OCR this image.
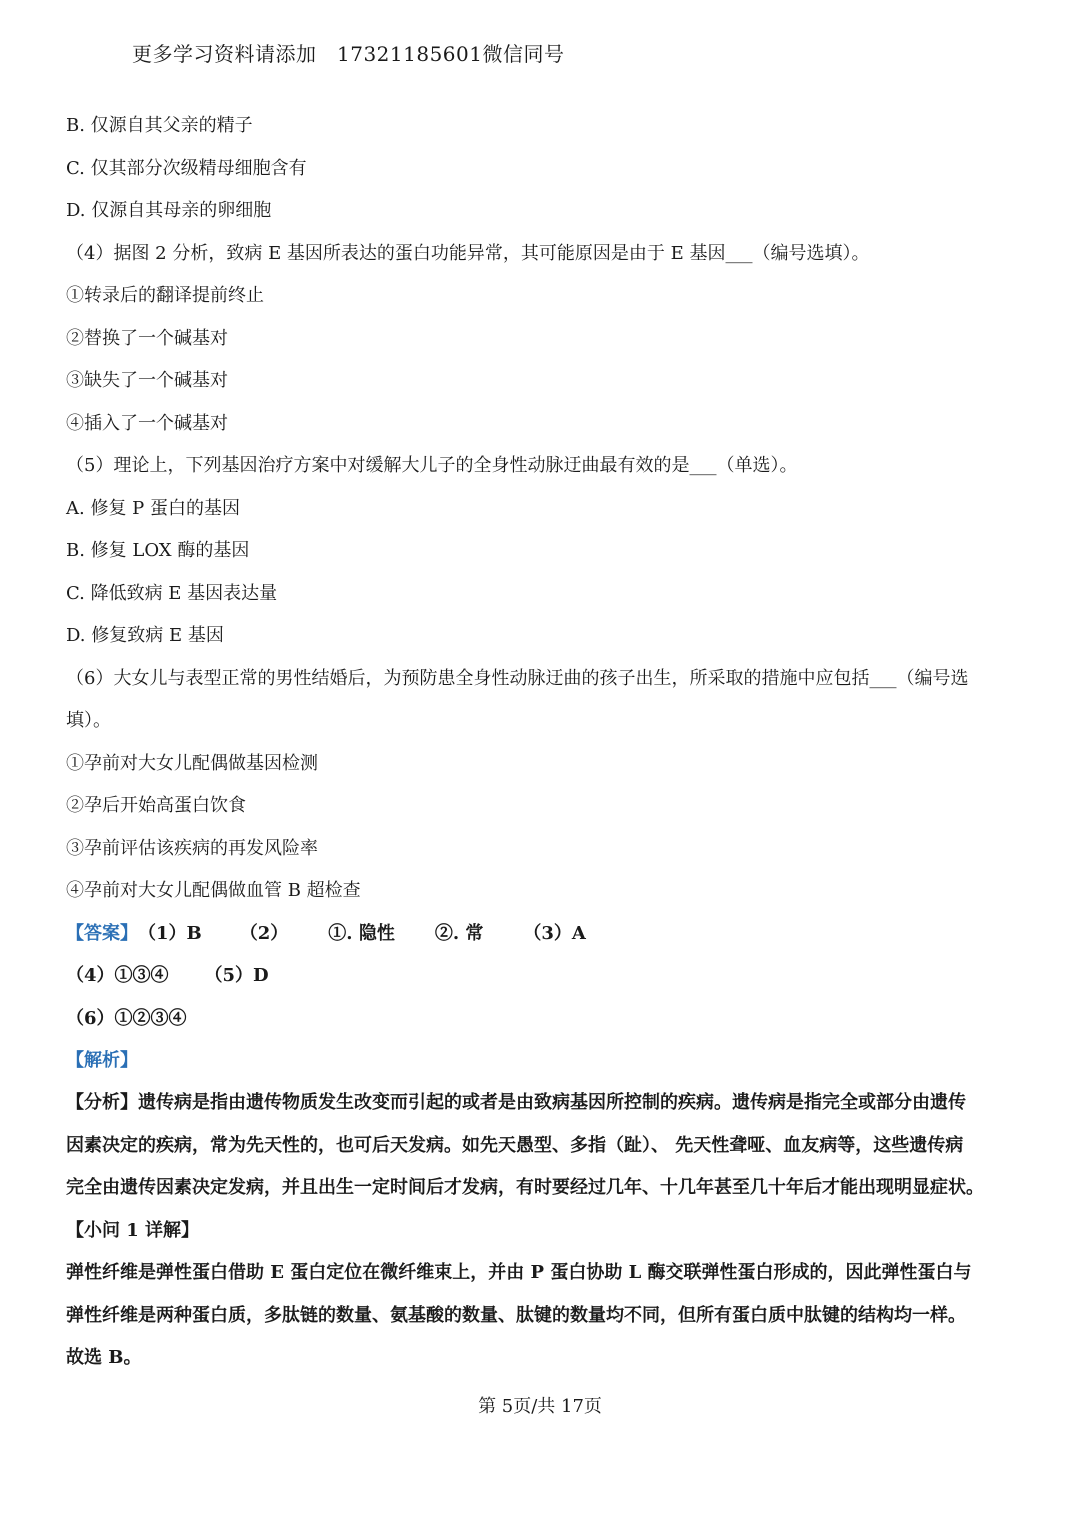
更多学习资料请添加　17321185601微信同号
B. 仅源自其父亲的精子
C. 仅其部分次级精母细胞含有
D. 仅源自其母亲的卵细胞
（4）据图 2 分析，致病 E 基因所表达的蛋白功能异常，其可能原因是由于 E 基因___（编号选填）。
①转录后的翻译提前终止
②替换了一个碱基对
③缺失了一个碱基对
④插入了一个碱基对
（5）理论上，下列基因治疗方案中对缓解大儿子的全身性动脉迂曲最有效的是___（单选）。
A. 修复 P 蛋白的基因
B. 修复 LOX 酶的基因
C. 降低致病 E 基因表达量
D. 修复致病 E 基因
（6）大女儿与表型正常的男性结婚后，为预防患全身性动脉迂曲的孩子出生，所采取的措施中应包括___（编号选
填）。
①孕前对大女儿配偶做基因检测
②孕后开始高蛋白饮食
③孕前评估该疾病的再发风险率
④孕前对大女儿配偶做血管 B 超检查
【答案】（1）B （2） ①. 隐性 ②. 常 （3）A
（4）①③④ （5）D
（6）①②③④
【解析】
【分析】遗传病是指由遗传物质发生改变而引起的或者是由致病基因所控制的疾病。遗传病是指完全或部分由遗传
因素决定的疾病，常为先天性的，也可后天发病。如先天愚型、多指（趾）、 先天性聋哑、血友病等，这些遗传病
完全由遗传因素决定发病，并且出生一定时间后才发病，有时要经过几年、十几年甚至几十年后才能出现明显症状。
【小问 1 详解】
弹性纤维是弹性蛋白借助 E 蛋白定位在微纤维束上，并由 P 蛋白协助 L 酶交联弹性蛋白形成的，因此弹性蛋白与
弹性纤维是两种蛋白质，多肽链的数量、氨基酸的数量、肽键的数量均不同，但所有蛋白质中肽键的结构均一样。
故选 B。
第 5页/共 17页
